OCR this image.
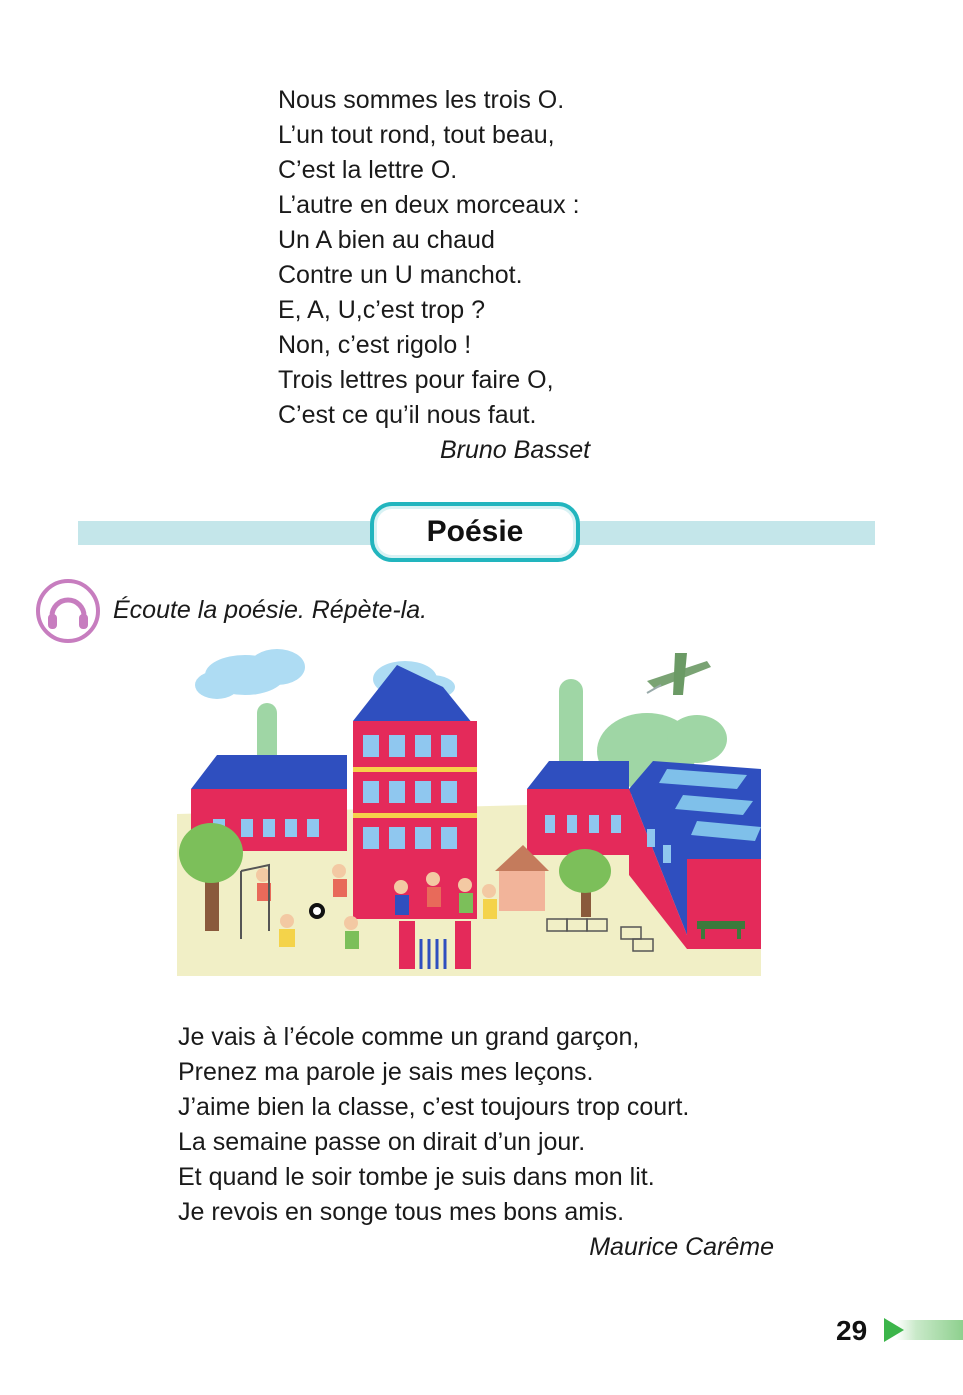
Nous sommes les trois O.
L’un tout rond, tout beau,
C’est la lettre O.
L’autre en deux morceaux :
Un A bien au chaud
Contre un U manchot.
E, A, U,c’est trop ?
Non, c’est rigolo !
Trois lettres pour faire O,
C’est ce qu’il nous faut.
Bruno Basset
Poésie
Écoute la poésie. Répète-la.
Je vais à l’école comme un grand garçon,
Prenez ma parole je sais mes leçons.
J’aime bien la classe, c’est toujours trop court.
La semaine passe on dirait d’un jour.
Et quand le soir tombe je suis dans mon lit.
Je revois en songe tous mes bons amis.
Maurice Carême
29
